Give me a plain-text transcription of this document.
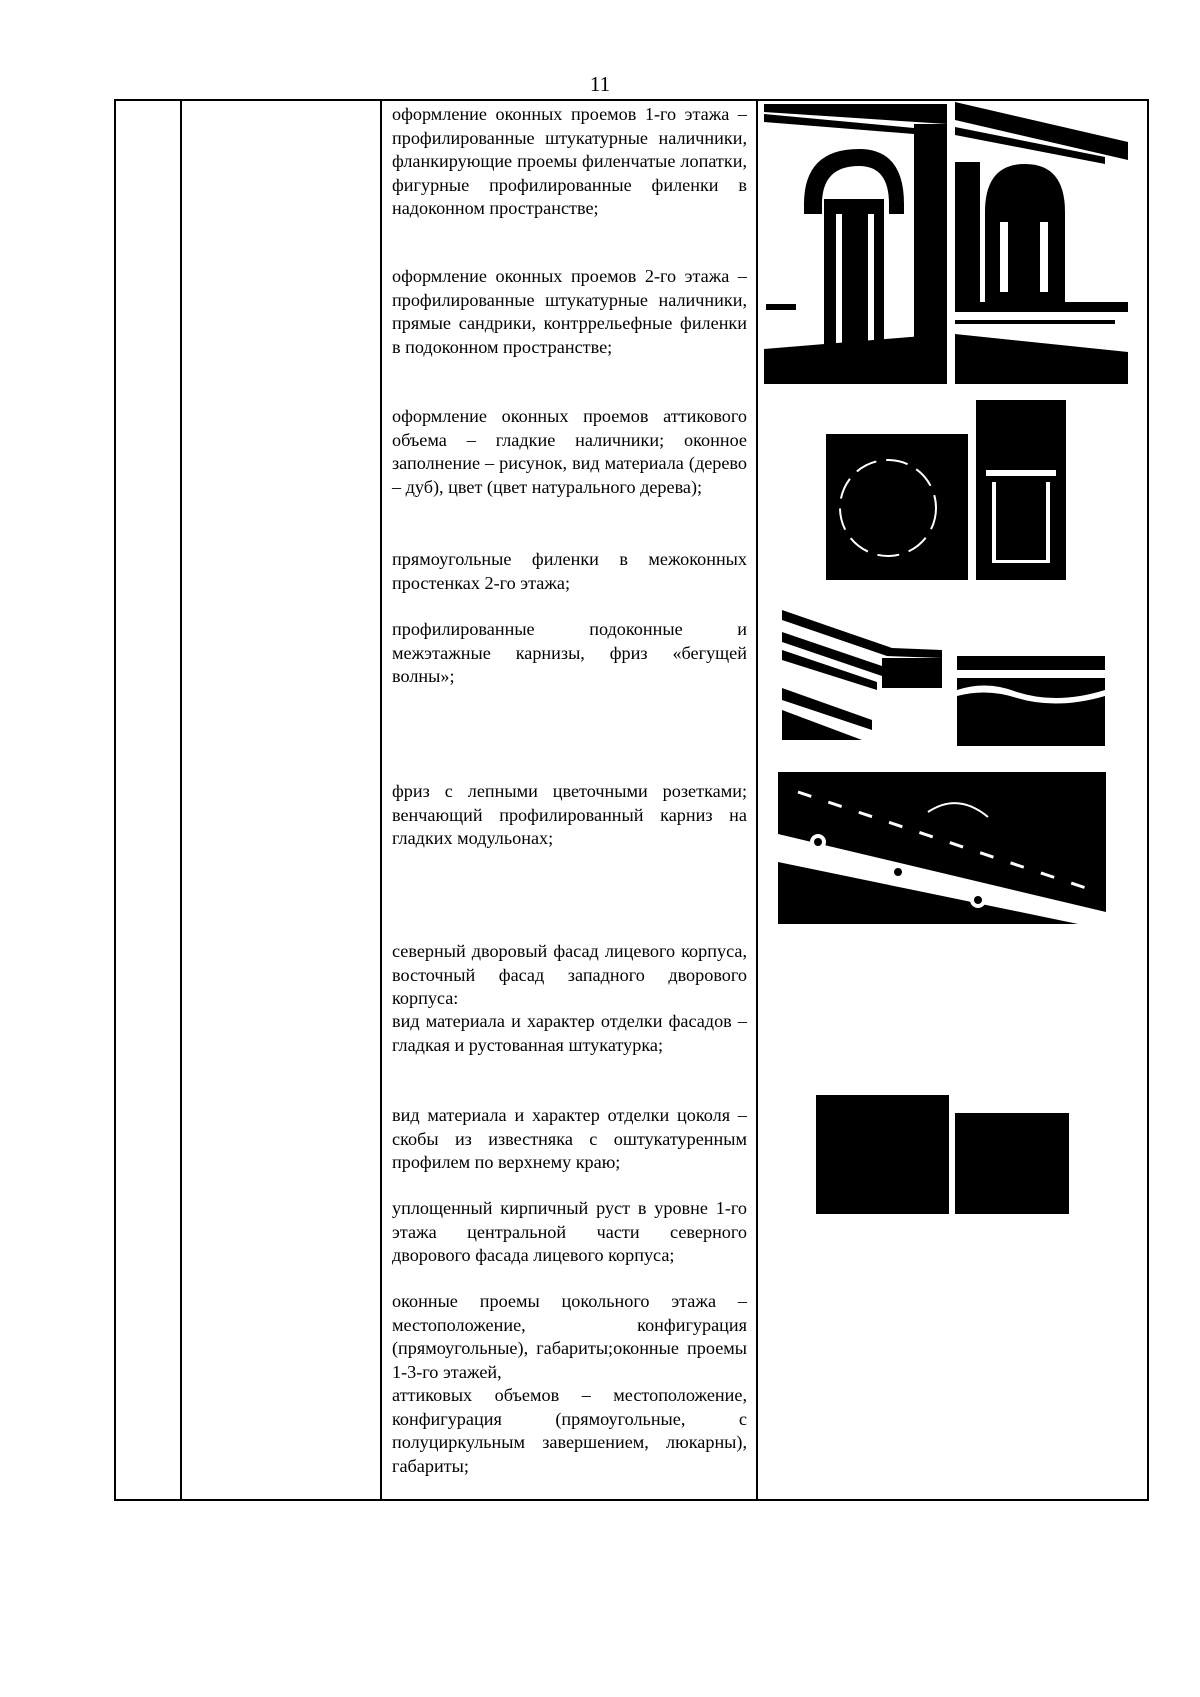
11

оформление оконных проемов 1-го этажа – профилированные штукатурные наличники, фланкирующие проемы филенчатые лопатки, фигурные профилированные филенки в надоконном пространстве;

оформление оконных проемов 2-го этажа – профилированные штукатурные наличники, прямые сандрики, контррельефные филенки в подоконном пространстве;

оформление оконных проемов аттикового объема – гладкие наличники; оконное заполнение – рисунок, вид материала (дерево – дуб), цвет (цвет натурального дерева);

прямоугольные филенки в межоконных простенках 2-го этажа;

профилированные подоконные и межэтажные карнизы, фриз «бегущей волны»;

фриз с лепными цветочными розетками; венчающий профилированный карниз на гладких модульонах;

северный дворовый фасад лицевого корпуса, восточный фасад западного дворового корпуса:

вид материала и характер отделки фасадов – гладкая и рустованная штукатурка;

вид материала и характер отделки цоколя – скобы из известняка с оштукатуренным профилем по верхнему краю;

уплощенный кирпичный руст в уровне 1-го этажа центральной части северного дворового фасада лицевого корпуса;

оконные проемы цокольного этажа – местоположение, конфигурация (прямоугольные), габариты;оконные проемы 1-3-го этажей,

аттиковых объемов – местоположение, конфигурация (прямоугольные, с полуциркульным завершением, люкарны), габариты;
